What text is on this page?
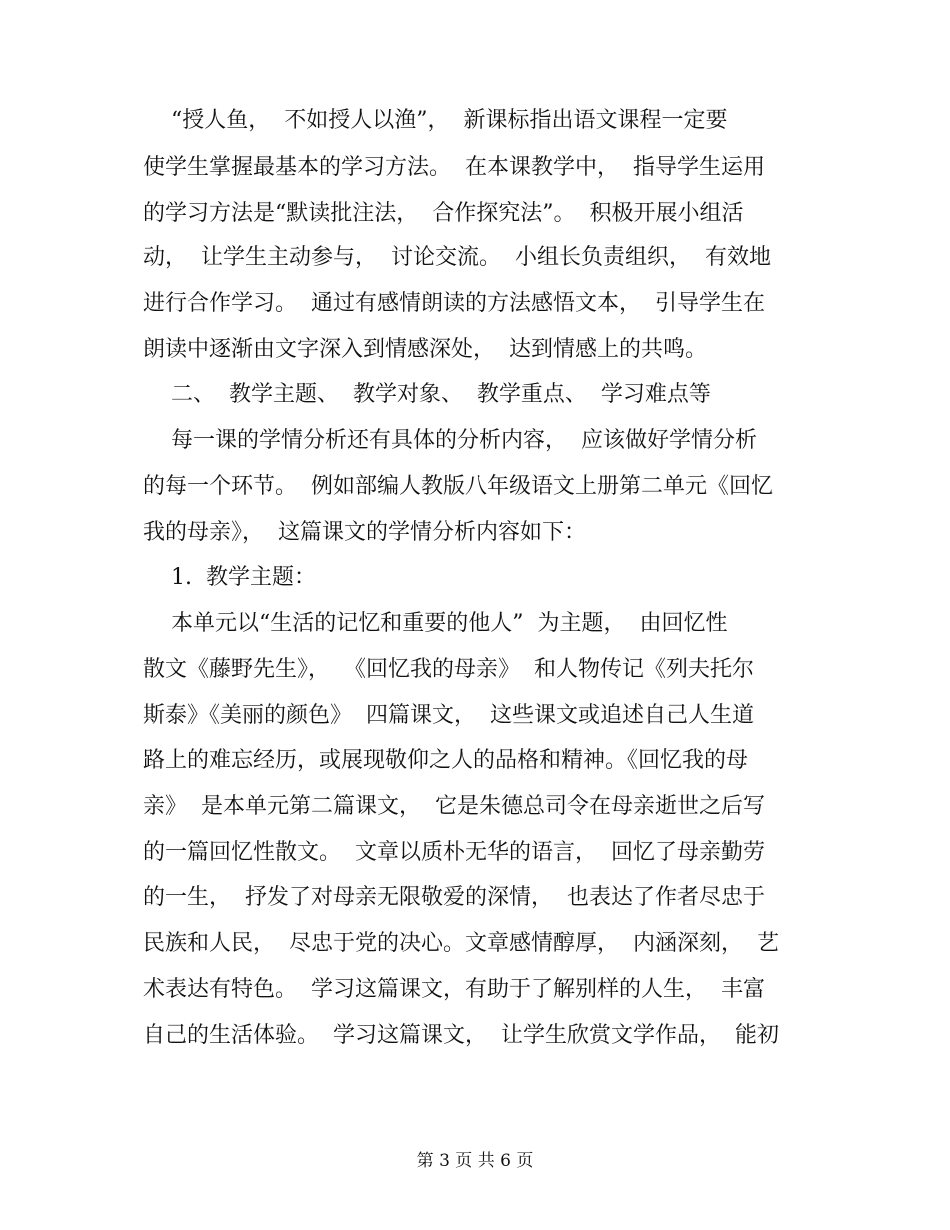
“授人鱼，  不如授人以渔”，  新课标指出语文课程一定要
使学生掌握最基本的学习方法。  在本课教学中，  指导学生运用
的学习方法是“默读批注法，  合作探究法”。  积极开展小组活
动，  让学生主动参与，  讨论交流。  小组长负责组织，  有效地
进行合作学习。  通过有感情朗读的方法感悟文本，  引导学生在
朗读中逐渐由文字深入到情感深处，  达到情感上的共鸣。
二、  教学主题、  教学对象、  教学重点、  学习难点等
每一课的学情分析还有具体的分析内容，  应该做好学情分析
的每一个环节。  例如部编人教版八年级语文上册第二单元《回忆
我的母亲》，  这篇课文的学情分析内容如下：
1.  教学主题：
本单元以“生活的记忆和重要的他人”  为主题，  由回忆性
散文《藤野先生》，  《回忆我的母亲》  和人物传记《列夫托尔
斯泰》《美丽的颜色》  四篇课文，  这些课文或追述自己人生道
路上的难忘经历，或展现敬仰之人的品格和精神。《回忆我的母
亲》  是本单元第二篇课文，  它是朱德总司令在母亲逝世之后写
的一篇回忆性散文。  文章以质朴无华的语言，  回忆了母亲勤劳
的一生，  抒发了对母亲无限敬爱的深情，  也表达了作者尽忠于
民族和人民，  尽忠于党的决心。文章感情醇厚，  内涵深刻，  艺
术表达有特色。  学习这篇课文，有助于了解别样的人生，  丰富
自己的生活体验。  学习这篇课文，  让学生欣赏文学作品，  能初
第 3 页 共 6 页
